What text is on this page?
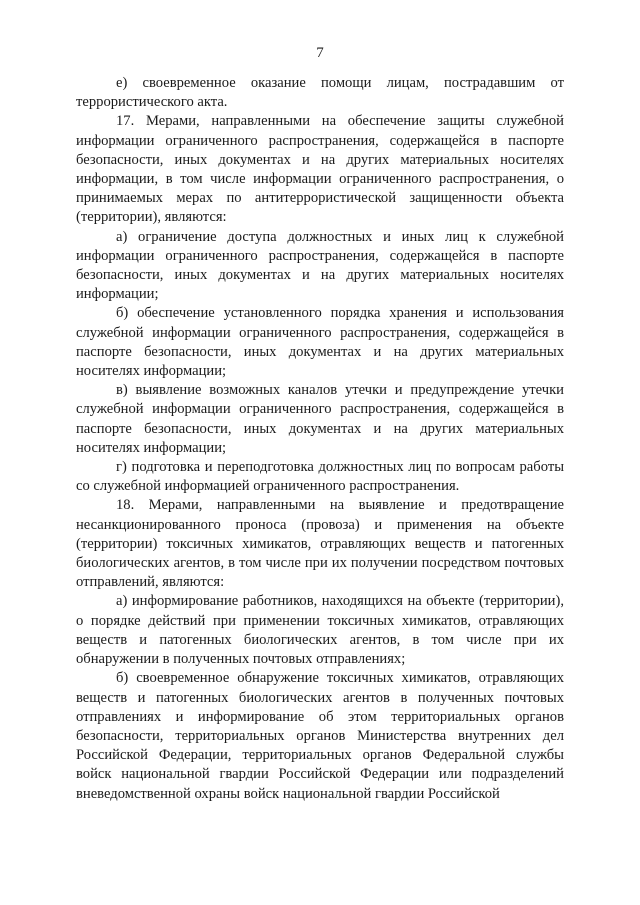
7

е) своевременное оказание помощи лицам, пострадавшим от террористического акта.

17. Мерами, направленными на обеспечение защиты служебной информации ограниченного распространения, содержащейся в паспорте безопасности, иных документах и на других материальных носителях информации, в том числе информации ограниченного распространения, о принимаемых мерах по антитеррористической защищенности объекта (территории), являются:

а) ограничение доступа должностных и иных лиц к служебной информации ограниченного распространения, содержащейся в паспорте безопасности, иных документах и на других материальных носителях информации;

б) обеспечение установленного порядка хранения и использования служебной информации ограниченного распространения, содержащейся в паспорте безопасности, иных документах и на других материальных носителях информации;

в) выявление возможных каналов утечки и предупреждение утечки служебной информации ограниченного распространения, содержащейся в паспорте безопасности, иных документах и на других материальных носителях информации;

г) подготовка и переподготовка должностных лиц по вопросам работы со служебной информацией ограниченного распространения.

18. Мерами, направленными на выявление и предотвращение несанкционированного проноса (провоза) и применения на объекте (территории) токсичных химикатов, отравляющих веществ и патогенных биологических агентов, в том числе при их получении посредством почтовых отправлений, являются:

а) информирование работников, находящихся на объекте (территории), о порядке действий при применении токсичных химикатов, отравляющих веществ и патогенных биологических агентов, в том числе при их обнаружении в полученных почтовых отправлениях;

б) своевременное обнаружение токсичных химикатов, отравляющих веществ и патогенных биологических агентов в полученных почтовых отправлениях и информирование об этом территориальных органов безопасности, территориальных органов Министерства внутренних дел Российской Федерации, территориальных органов Федеральной службы войск национальной гвардии Российской Федерации или подразделений вневедомственной охраны войск национальной гвардии Российской
